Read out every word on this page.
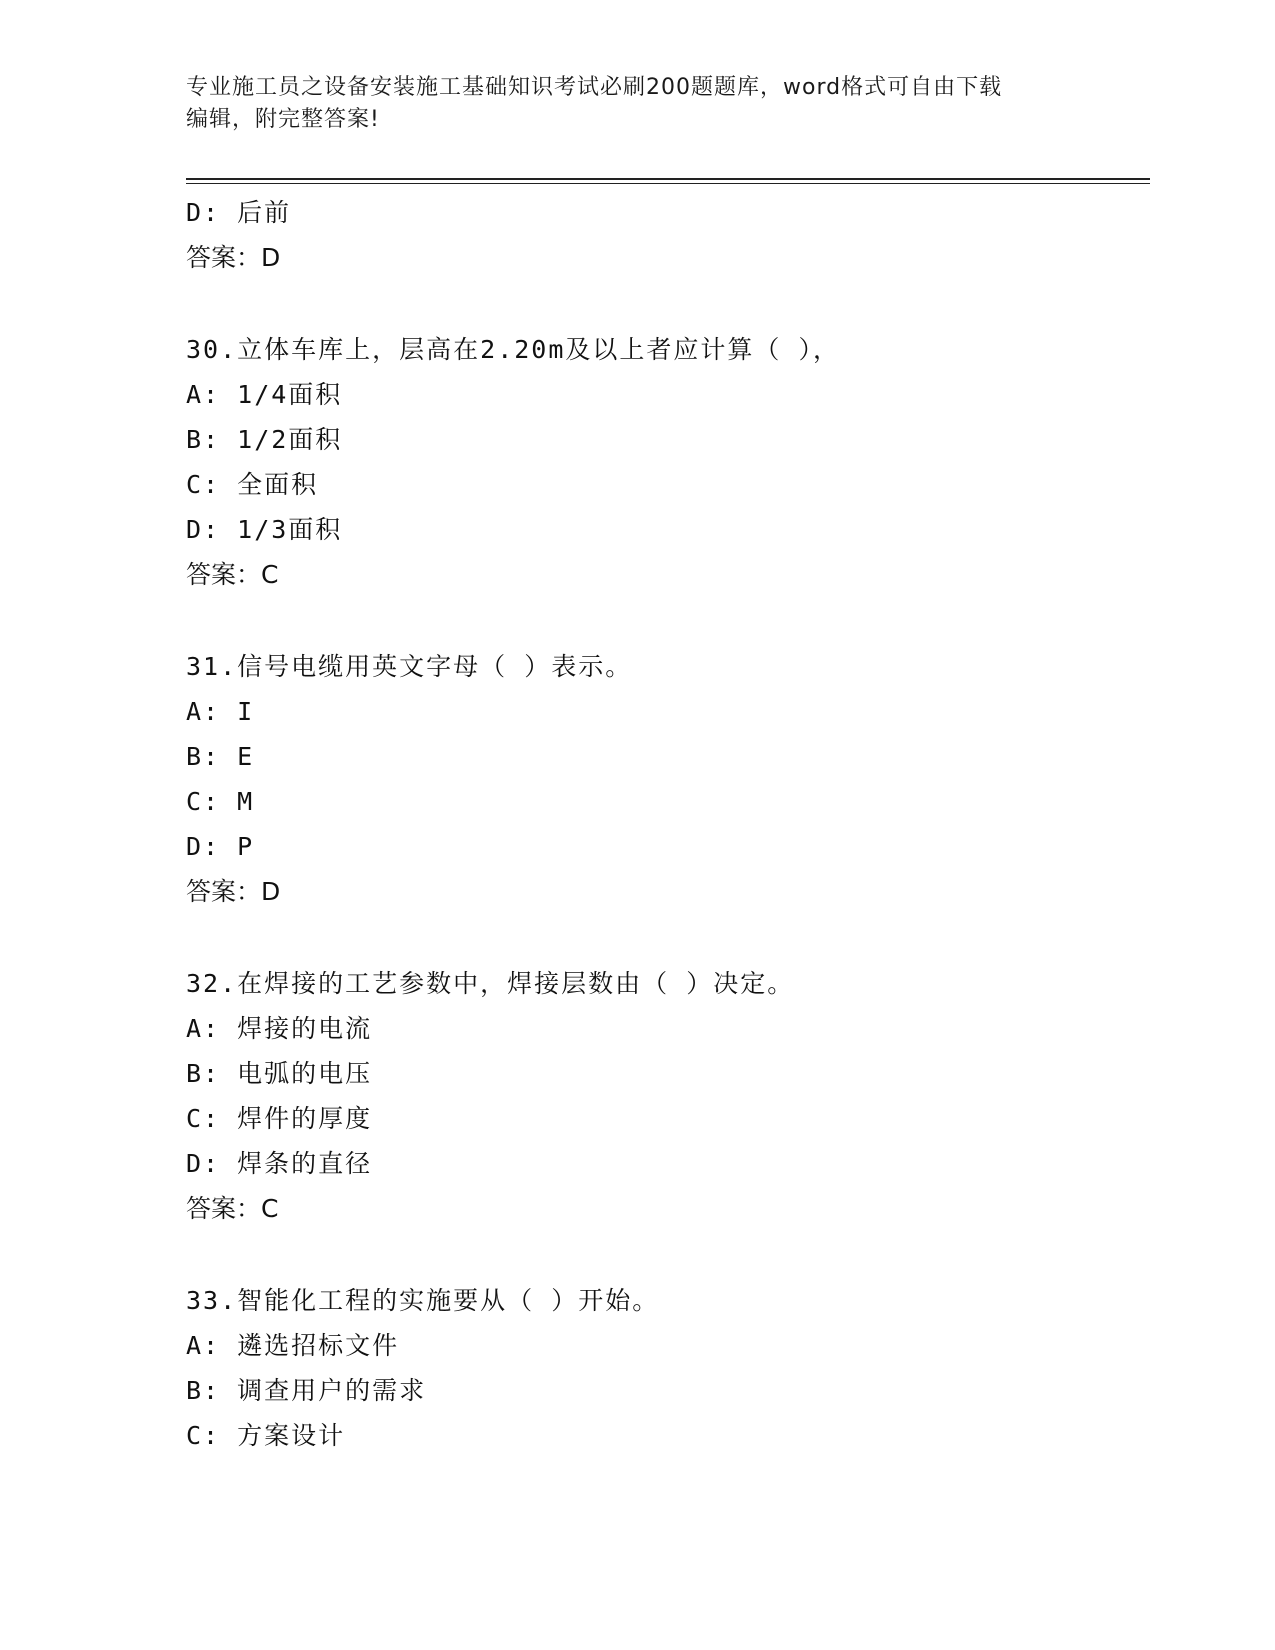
专业施工员之设备安装施工基础知识考试必刷200题题库，word格式可自由下载
编辑，附完整答案!
D: 后前
答案：D
30.立体车库上，层高在2.20m及以上者应计算（ ），
A: 1/4面积
B: 1/2面积
C: 全面积
D: 1/3面积
答案：C
31.信号电缆用英文字母（ ）表示。
A: I
B: E
C: M
D: P
答案：D
32.在焊接的工艺参数中，焊接层数由（ ）决定。
A: 焊接的电流
B: 电弧的电压
C: 焊件的厚度
D: 焊条的直径
答案：C
33.智能化工程的实施要从（ ）开始。
A: 遴选招标文件
B: 调查用户的需求
C: 方案设计
